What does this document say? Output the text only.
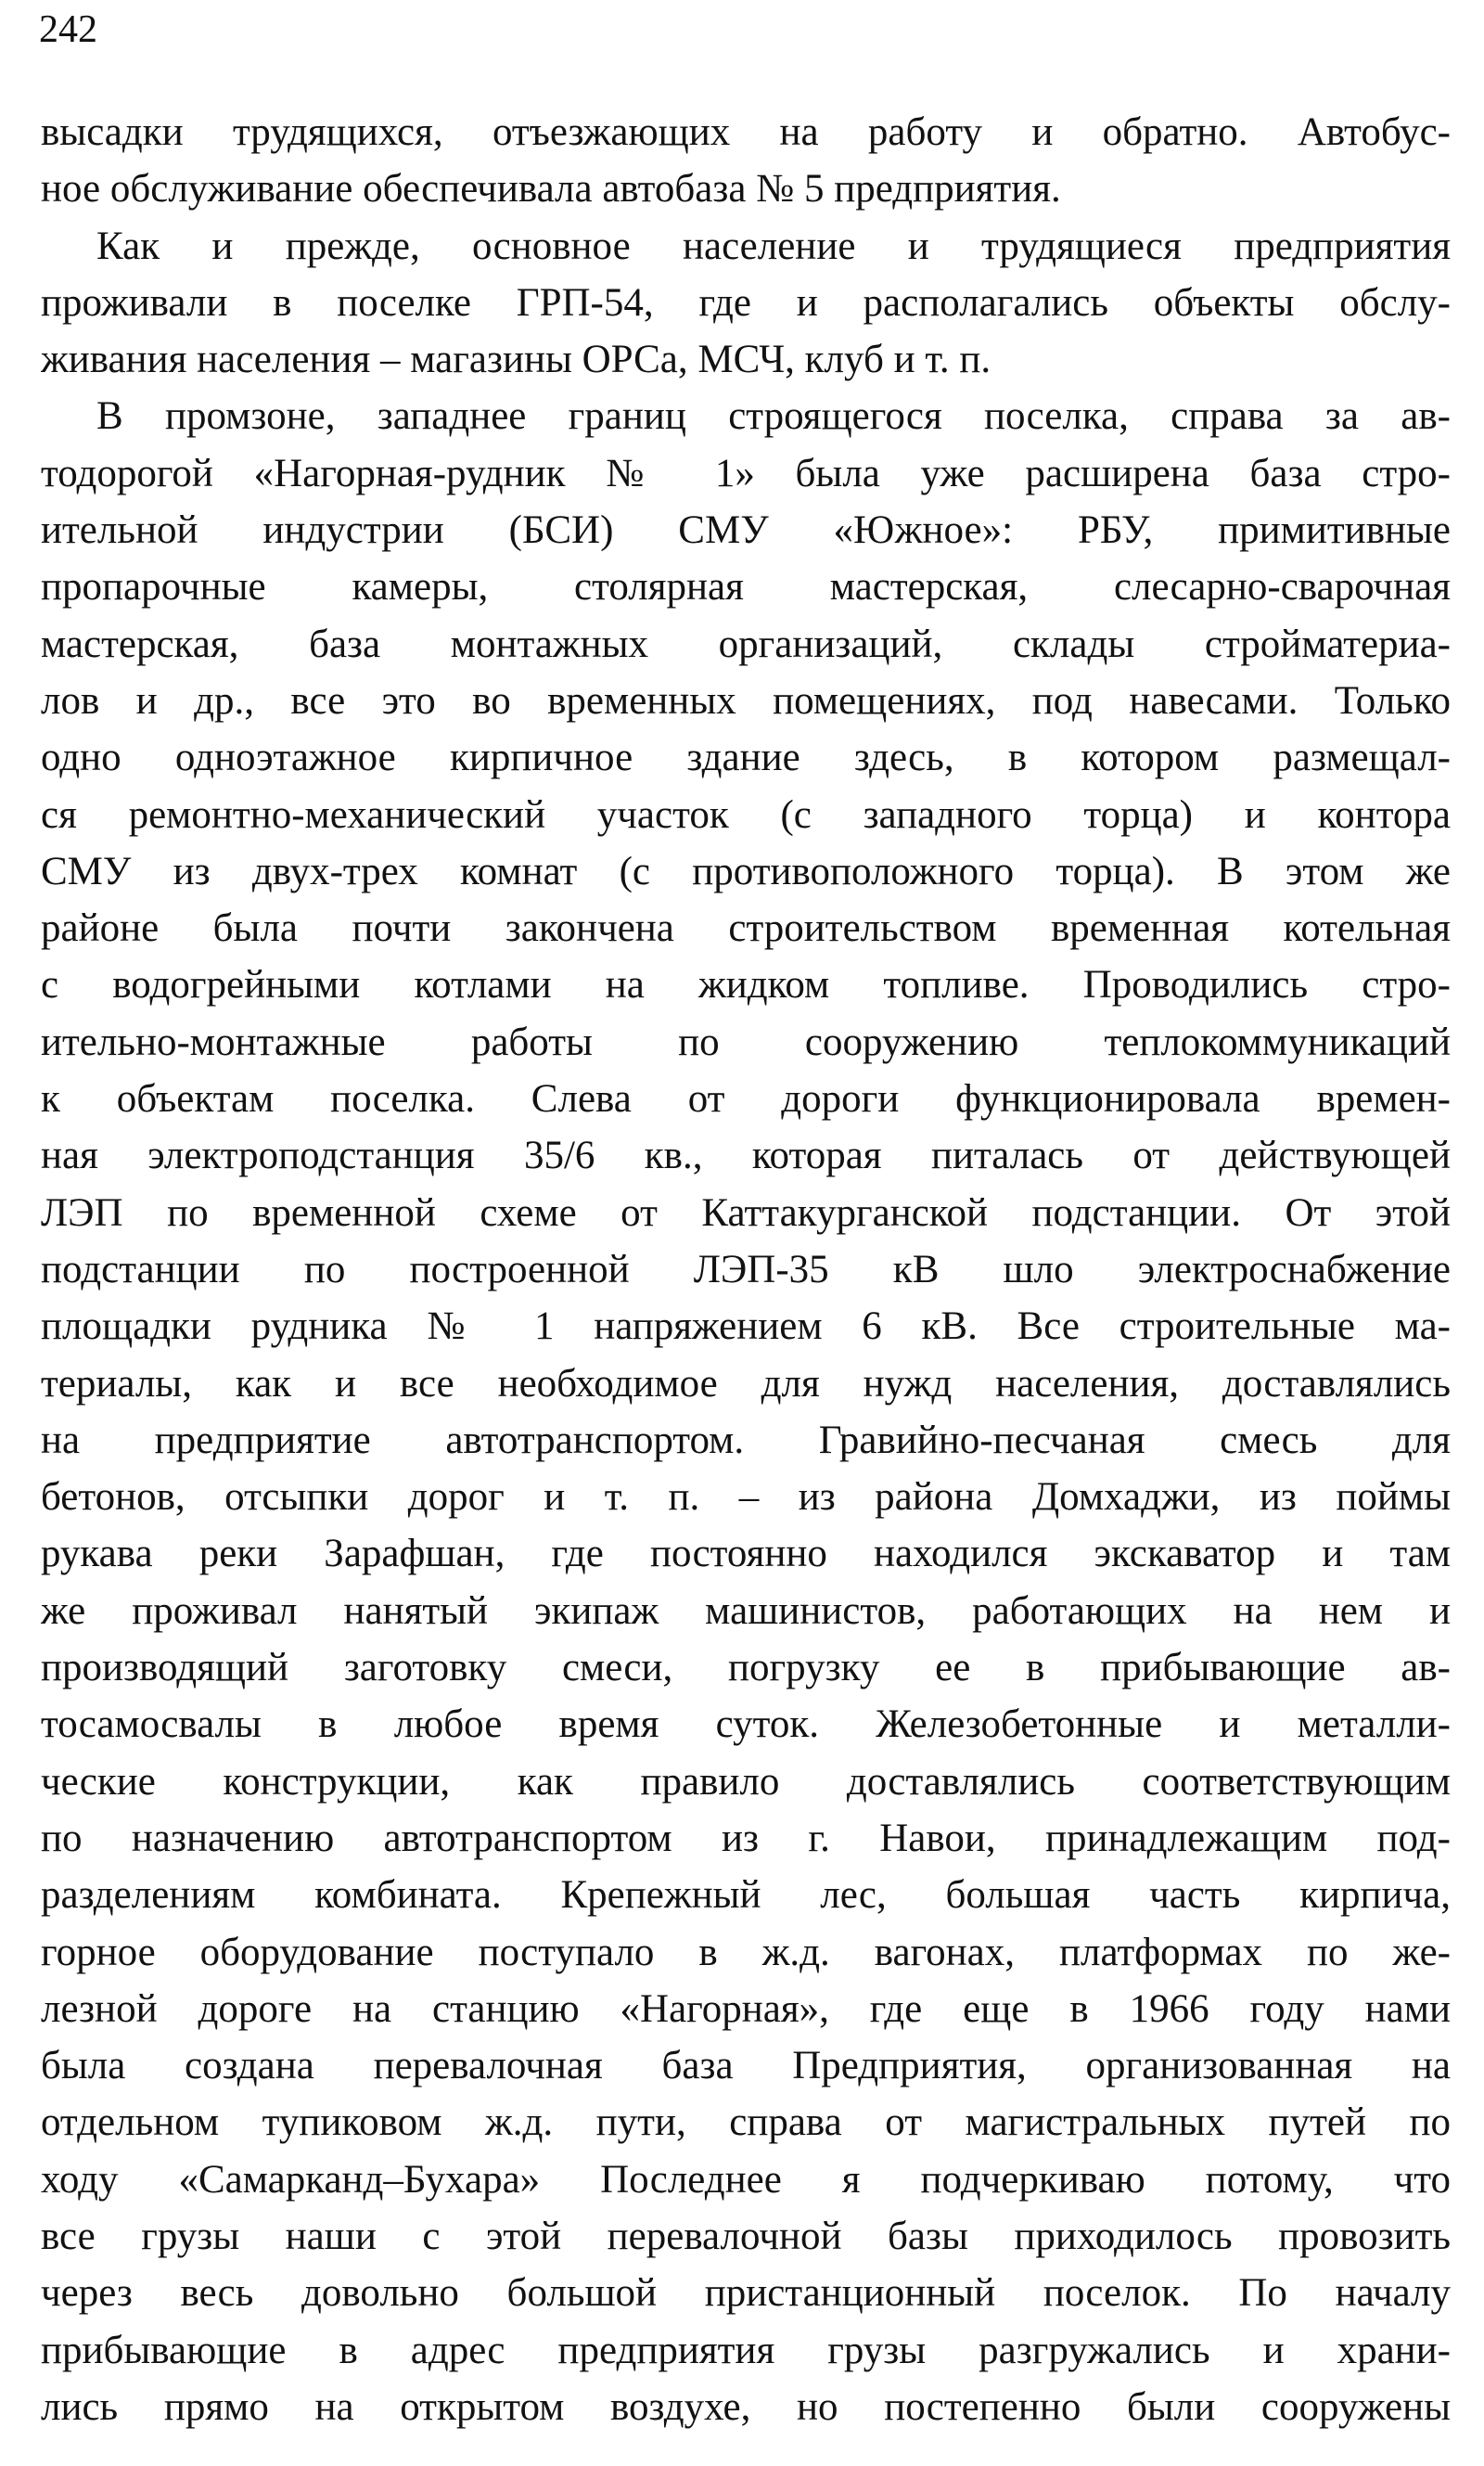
242
высадки трудящихся, отъезжающих на работу и обратно. Автобус-
ное обслуживание обеспечивала автобаза № 5 предприятия.
Как и прежде, основное население и трудящиеся предприятия
проживали в поселке ГРП-54, где и располагались объекты обслу-
живания населения – магазины ОРСа, МСЧ, клуб и т. п.
В промзоне, западнее границ строящегося поселка, справа за ав-
тодорогой «Нагорная-рудник № 1» была уже расширена база стро-
ительной индустрии (БСИ) СМУ «Южное»: РБУ, примитивные
пропарочные камеры, столярная мастерская, слесарно-сварочная
мастерская, база монтажных организаций, склады стройматериа-
лов и др., все это во временных помещениях, под навесами. Только
одно одноэтажное кирпичное здание здесь, в котором размещал-
ся ремонтно-механический участок (с западного торца) и контора
СМУ из двух-трех комнат (с противоположного торца). В этом же
районе была почти закончена строительством временная котельная
с водогрейными котлами на жидком топливе. Проводились стро-
ительно-монтажные работы по сооружению теплокоммуникаций
к объектам поселка. Слева от дороги функционировала времен-
ная электроподстанция 35/6 кв., которая питалась от действующей
ЛЭП по временной схеме от Каттакурганской подстанции. От этой
подстанции по построенной ЛЭП-35 кВ шло электроснабжение
площадки рудника № 1 напряжением 6 кВ. Все строительные ма-
териалы, как и все необходимое для нужд населения, доставлялись
на предприятие автотранспортом. Гравийно-песчаная смесь для
бетонов, отсыпки дорог и т. п. – из района Домхаджи, из поймы
рукава реки Зарафшан, где постоянно находился экскаватор и там
же проживал нанятый экипаж машинистов, работающих на нем и
производящий заготовку смеси, погрузку ее в прибывающие ав-
тосамосвалы в любое время суток. Железобетонные и металли-
ческие конструкции, как правило доставлялись соответствующим
по назначению автотранспортом из г. Навои, принадлежащим под-
разделениям комбината. Крепежный лес, большая часть кирпича,
горное оборудование поступало в ж.д. вагонах, платформах по же-
лезной дороге на станцию «Нагорная», где еще в 1966 году нами
была создана перевалочная база Предприятия, организованная на
отдельном тупиковом ж.д. пути, справа от магистральных путей по
ходу «Самарканд–Бухара» Последнее я подчеркиваю потому, что
все грузы наши с этой перевалочной базы приходилось провозить
через весь довольно большой пристанционный поселок. По началу
прибывающие в адрес предприятия грузы разгружались и храни-
лись прямо на открытом воздухе, но постепенно были сооружены
